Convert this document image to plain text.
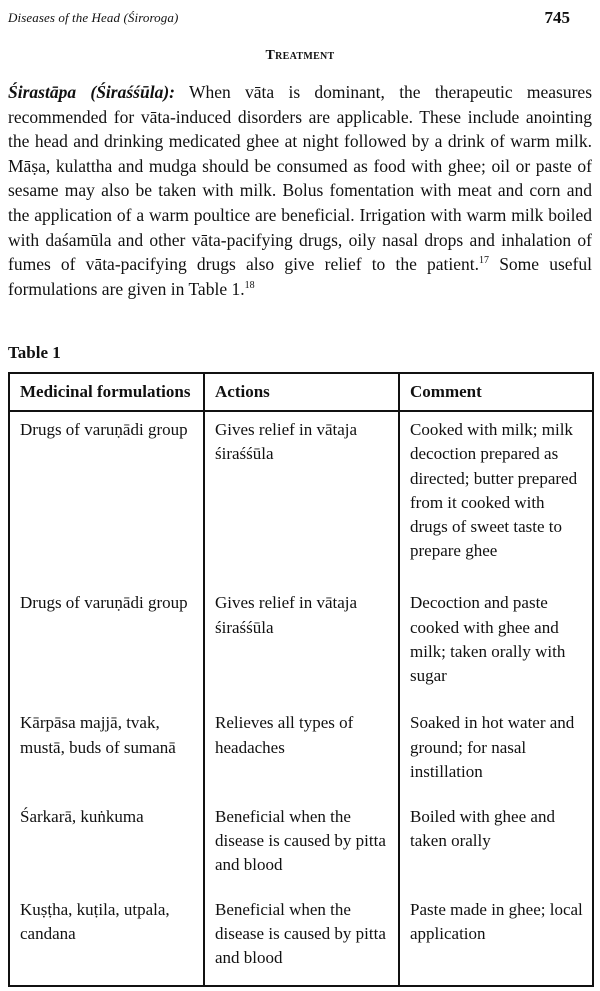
Diseases of the Head (Śiroroga)	745
Treatment

Śirastāpa (Śiraśśūla): When vāta is dominant, the therapeutic measures recommended for vāta-induced disorders are applicable. These include anointing the head and drinking medicated ghee at night followed by a drink of warm milk. Māṣa, kulattha and mudga should be consumed as food with ghee; oil or paste of sesame may also be taken with milk. Bolus fomentation with meat and corn and the application of a warm poultice are beneficial. Irrigation with warm milk boiled with daśamūla and other vāta-pacifying drugs, oily nasal drops and inhalation of fumes of vāta-pacifying drugs also give relief to the patient.$^{17}$ Some useful formulations are given in Table 1.18

Table 1
Medicinal formulations	Actions	Comment
Drugs of varuṇādi group	Gives relief in vātaja śiraśśūla	Cooked with milk; milk decoction prepared as directed; butter prepared from it cooked with drugs of sweet taste to prepare ghee
Drugs of varuṇādi group	Gives relief in vātaja śiraśśūla	Decoction and paste cooked with ghee and milk; taken orally with sugar
Kārpāsa majjā, tvak, mustā, buds of sumanā	Relieves all types of headaches	Soaked in hot water and ground; for nasal instillation
Śarkarā, kuṅkuma	Beneficial when the disease is caused by pitta and blood	Boiled with ghee and taken orally
Kuṣṭha, kuṭila, utpala, candana	Beneficial when the disease is caused by pitta and blood	Paste made in ghee; local application
